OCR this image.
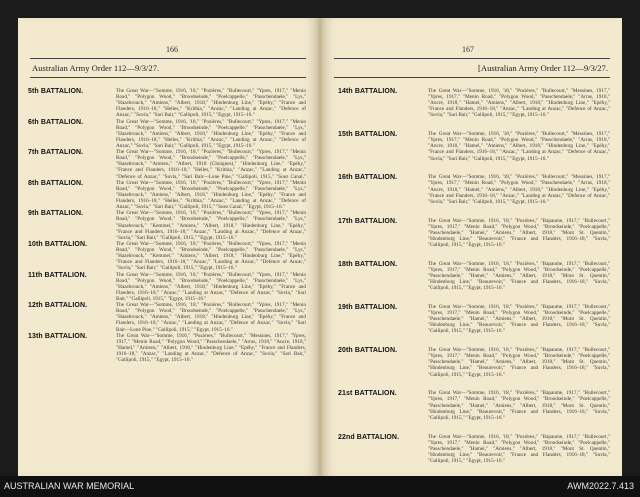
166
Australian Army Order 112—9/3/27.
5th BATTALION.	The Great War—"Somme, 1916, '18," "Pozières," "Bullecourt," "Ypres, 1917," "Menin Road," "Polygon Wood," "Broodseinde," "Poelcappelle," "Passchendaele," "Lys," "Hazebrouck," "Amiens," "Albert, 1918," "Hindenburg Line," "Epéhy," "France and Flanders, 1916–18," "Helles," "Krithia," "Anzac," "Landing at Anzac," "Defence of Anzac," "Suvla," "Sari Bair," "Gallipoli, 1915," "Egypt, 1915–16."
6th BATTALION.	The Great War—"Somme, 1916, '18," "Pozières," "Bullecourt," "Ypres, 1917," "Menin Road," "Polygon Wood," "Broodseinde," "Poelcappelle," "Passchendaele," "Lys," "Hazebrouck," "Amiens," "Albert, 1918," "Hindenburg Line," "Epéhy," "France and Flanders, 1916–18," "Helles," "Krithia," "Anzac," "Landing at Anzac," "Defence of Anzac," "Suvla," "Sari Bair," "Gallipoli, 1915," "Egypt, 1915–16."
7th BATTALION.	The Great War—"Somme, 1916, '18," "Pozières," "Bullecourt," "Ypres, 1917," "Menin Road," "Polygon Wood," "Broodseinde," "Poelcappelle," "Passchendaele," "Lys," "Hazebrouck," "Amiens," "Albert, 1918 (Chuignes)," "Hindenburg Line," "Epéhy," "France and Flanders, 1916–18," "Helles," "Krithia," "Anzac," "Landing at Anzac," "Defence of Anzac," "Suvla," "Sari Bair—Lone Pine," "Gallipoli, 1915," "Suez Canal,"
8th BATTALION.	The Great War—"Somme, 1916, '18," "Pozières," "Bullecourt," "Ypres, 1917," "Menin Road," "Polygon Wood," "Broodseinde," "Poelcappelle," "Passchendaele," "Lys," "Hazebrouck," "Amiens," "Albert, 1918," "Hindenburg Line," "Epéhy," "France and Flanders, 1916–18," "Helles," "Krithia," "Anzac," "Landing at Anzac," "Defence of Anzac," "Suvla," "Sari Bair," "Gallipoli, 1915," "Suez Canal," "Egypt, 1915–16."
9th BATTALION.	The Great War—"Somme, 1916, '18," "Pozières," "Bullecourt," "Ypres, 1917," "Menin Road," "Polygon Wood," "Broodseinde," "Poelcappelle," "Passchendaele," "Lys," "Hazebrouck," "Kemmel," "Amiens," "Albert, 1918," "Hindenburg Line," "Epéhy," "France and Flanders, 1916–18," "Anzac," "Landing at Anzac," "Defence of Anzac," "Suvla," "Sari Bair," "Gallipoli, 1915," "Egypt, 1915–16."
10th BATTALION.	The Great War—"Somme, 1916, '18," "Pozières," "Bullecourt," "Ypres, 1917," "Menin Road," "Polygon Wood," "Broodseinde," "Poelcappelle," "Passchendaele," "Lys," "Hazebrouck," "Kemmel," "Amiens," "Albert, 1918," "Hindenburg Line," "Epéhy," "France and Flanders, 1916–18," "Anzac," "Landing at Anzac," "Defence of Anzac," "Suvla," "Sari Bair," "Gallipoli, 1915," "Egypt, 1915–16."
11th BATTALION.	The Great War—"Somme, 1916, '18," "Pozières," "Bullecourt," "Ypres, 1917," "Menin Road," "Polygon Wood," "Broodseinde," "Poelcappelle," "Passchendaele," "Lys," "Hazebrouck," "Amiens," "Albert, 1918," "Hindenburg Line," "Epéhy," "France and Flanders, 1916–18," "Anzac," "Landing at Anzac," "Defence of Anzac," "Suvla," "Sari Bair," "Gallipoli, 1915," "Egypt, 1915–16."
12th BATTALION.	The Great War—"Somme, 1916, '18," "Pozières," "Bullecourt," "Ypres, 1917," "Menin Road," "Polygon Wood," "Broodseinde," "Poelcappelle," "Passchendaele," "Lys," "Hazebrouck," "Amiens," "Albert, 1918," "Hindenburg Line," "Epéhy," "France and Flanders, 1916–18," "Anzac," "Landing at Anzac," "Defence of Anzac," "Suvla," "Sari Bair—Lone Pine," "Gallipoli, 1915," "Egypt, 1915–16."
13th BATTALION.	The Great War—"Somme, 1916," "Pozières," "Bullecourt," "Messines, 1917," "Ypres, 1917," "Menin Road," "Polygon Wood," "Passchendaele," "Arras, 1918," "Ancre, 1918," "Hamel," "Amiens," "Albert, 1918," "Hindenburg Line," "Epéhy," "France and Flanders, 1916–18," "Anzac," "Landing at Anzac," "Defence of Anzac," "Suvla," "Sari Bair," "Gallipoli, 1915," "Egypt, 1915–16."
167
[Australian Army Order 112—9/3/27.
14th BATTALION.	The Great War—"Somme, 1916, '18," "Pozières," "Bullecourt," "Messines, 1917," "Ypres, 1917," "Menin Road," "Polygon Wood," "Passchendaele," "Arras, 1918," "Ancre, 1918," "Hamel," "Amiens," "Albert, 1918," "Hindenburg Line," "Epéhy," "France and Flanders, 1916–18," "Anzac," "Landing at Anzac," "Defence of Anzac," "Suvla," "Sari Bair," "Gallipoli, 1915," "Egypt, 1915–16."
15th BATTALION.	The Great War—"Somme, 1916, '18," "Pozières," "Bullecourt," "Messines, 1917," "Ypres, 1917," "Menin Road," "Polygon Wood," "Passchendaele," "Arras, 1918," "Ancre, 1918," "Hamel," "Amiens," "Albert, 1918," "Hindenburg Line," "Epéhy," "France and Flanders, 1916–18," "Anzac," "Landing at Anzac," "Defence of Anzac," "Suvla," "Sari Bair," "Gallipoli, 1915," "Egypt, 1915–16."
16th BATTALION.	The Great War—"Somme, 1916, '18," "Pozières," "Bullecourt," "Messines, 1917," "Ypres, 1917," "Menin Road," "Polygon Wood," "Passchendaele," "Arras, 1918," "Ancre, 1918," "Hamel," "Amiens," "Albert, 1918," "Hindenburg Line," "Epéhy," "France and Flanders, 1916–18," "Anzac," "Landing at Anzac," "Defence of Anzac," "Suvla," "Sari Bair," "Gallipoli, 1915," "Egypt, 1915–16."
17th BATTALION.	The Great War—"Somme, 1916, '18," "Pozières," "Bapaume, 1917," "Bullecourt," "Ypres, 1917," "Menin Road," "Polygon Wood," "Broodseinde," "Poelcappelle," "Passchendaele," "Hamel," "Amiens," "Albert, 1918," "Mont St. Quentin," "Hindenburg Line," "Beaurevoir," "France and Flanders, 1916–18," "Suvla," "Gallipoli, 1915," "Egypt, 1915–16."
18th BATTALION.	The Great War—"Somme, 1916, '18," "Pozières," "Bapaume, 1917," "Bullecourt," "Ypres, 1917," "Menin Road," "Polygon Wood," "Broodseinde," "Poelcappelle," "Passchendaele," "Hamel," "Amiens," "Albert, 1918," "Mont St. Quentin," "Hindenburg Line," "Beaurevoir," "France and Flanders, 1916–18," "Suvla," "Gallipoli, 1915," "Egypt, 1915–16."
19th BATTALION.	The Great War—"Somme, 1916, '18," "Pozières," "Bapaume, 1917," "Bullecourt," "Ypres, 1917," "Menin Road," "Polygon Wood," "Broodseinde," "Poelcappelle," "Passchendaele," "Hamel," "Amiens," "Albert, 1918," "Mont St. Quentin," "Hindenburg Line," "Beaurevoir," "France and Flanders, 1916–18," "Suvla," "Gallipoli, 1915," "Egypt, 1915–16."
20th BATTALION.	The Great War—"Somme, 1916, '18," "Pozières," "Bapaume, 1917," "Bullecourt," "Ypres, 1917," "Menin Road," "Polygon Wood," "Broodseinde," "Poelcappelle," "Passchendaele," "Hamel," "Amiens," "Albert, 1918," "Mont St. Quentin," "Hindenburg Line," "Beaurevoir," "France and Flanders, 1916–18," "Suvla," "Gallipoli, 1915," "Egypt, 1915–16."
21st BATTALION.	The Great War—"Somme, 1916, '18," "Pozières," "Bapaume, 1917," "Bullecourt," "Ypres, 1917," "Menin Road," "Polygon Wood," "Broodseinde," "Poelcappelle," "Passchendaele," "Hamel," "Amiens," "Albert, 1918," "Mont St. Quentin," "Hindenburg Line," "Beaurevoir," "France and Flanders, 1916–18," "Suvla," "Gallipoli, 1915," "Egypt, 1915–16."
22nd BATTALION.	The Great War—"Somme, 1916, '18," "Pozières," "Bapaume, 1917," "Bullecourt," "Ypres, 1917," "Menin Road," "Polygon Wood," "Broodseinde," "Poelcappelle," "Passchendaele," "Hamel," "Amiens," "Albert, 1918," "Mont St. Quentin," "Hindenburg Line," "Beaurevoir," "France and Flanders, 1916–18," "Suvla," "Gallipoli, 1915," "Egypt, 1915–16."
AUSTRALIAN WAR MEMORIAL	AWM2022.7.413
